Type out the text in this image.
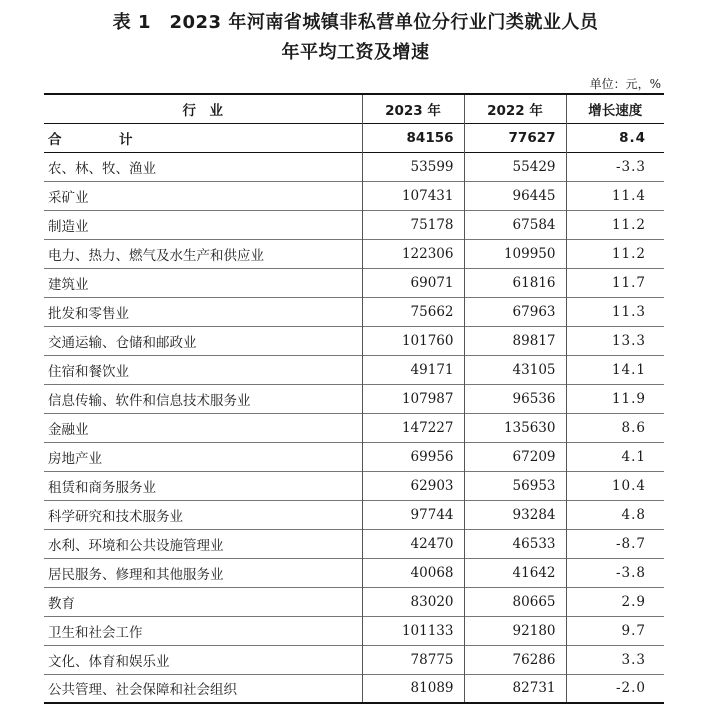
表 1　2023 年河南省城镇非私营单位分行业门类就业人员
年平均工资及增速
单位：元，%
行　业	2023 年	2022 年	增长速度
合　计	84156	77627	8.4
农、林、牧、渔业	53599	55429	-3.3
采矿业	107431	96445	11.4
制造业	75178	67584	11.2
电力、热力、燃气及水生产和供应业	122306	109950	11.2
建筑业	69071	61816	11.7
批发和零售业	75662	67963	11.3
交通运输、仓储和邮政业	101760	89817	13.3
住宿和餐饮业	49171	43105	14.1
信息传输、软件和信息技术服务业	107987	96536	11.9
金融业	147227	135630	8.6
房地产业	69956	67209	4.1
租赁和商务服务业	62903	56953	10.4
科学研究和技术服务业	97744	93284	4.8
水利、环境和公共设施管理业	42470	46533	-8.7
居民服务、修理和其他服务业	40068	41642	-3.8
教育	83020	80665	2.9
卫生和社会工作	101133	92180	9.7
文化、体育和娱乐业	78775	76286	3.3
公共管理、社会保障和社会组织	81089	82731	-2.0
